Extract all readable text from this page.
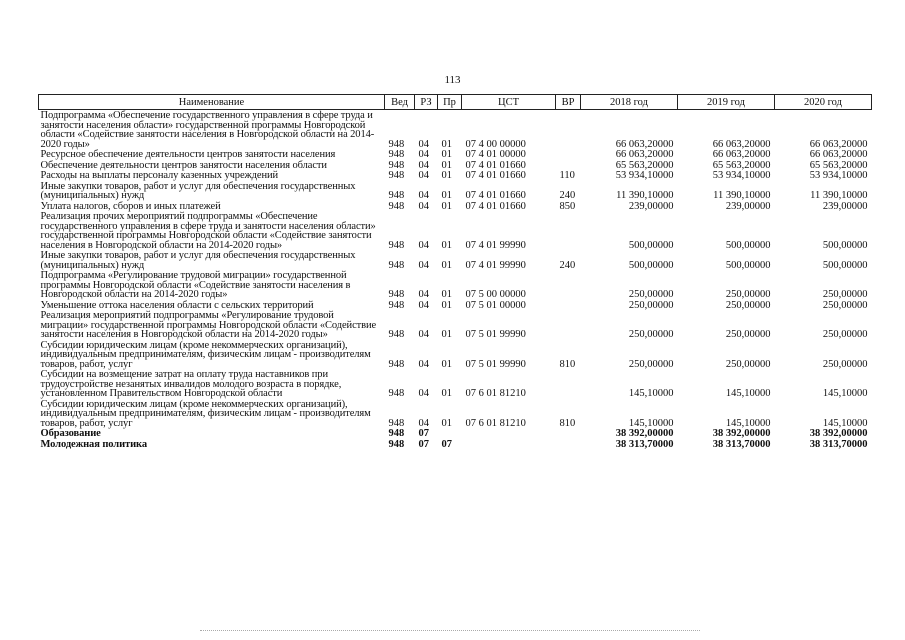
113
Наименование	Вед	РЗ	Пр	ЦСТ	ВР	2018 год	2019 год	2020 год
Подпрограмма «Обеспечение государственного управления в сфере труда и занятости населения области» государственной программы Новгородской области «Содействие занятости населения в Новгородской области на 2014-2020 годы»	948	04	01	07 4 00 00000		66 063,20000	66 063,20000	66 063,20000
Ресурсное обеспечение деятельности центров занятости населения	948	04	01	07 4 01 00000		66 063,20000	66 063,20000	66 063,20000
Обеспечение деятельности центров занятости населения области	948	04	01	07 4 01 01660		65 563,20000	65 563,20000	65 563,20000
Расходы на выплаты персоналу казенных учреждений	948	04	01	07 4 01 01660	110	53 934,10000	53 934,10000	53 934,10000
Иные закупки товаров, работ и услуг для обеспечения государственных (муниципальных) нужд	948	04	01	07 4 01 01660	240	11 390,10000	11 390,10000	11 390,10000
Уплата налогов, сборов и иных платежей	948	04	01	07 4 01 01660	850	239,00000	239,00000	239,00000
Реализация прочих мероприятий подпрограммы «Обеспечение государственного управления в сфере труда и занятости населения области» государственной программы Новгородской области «Содействие занятости населения в Новгородской области на 2014-2020 годы»	948	04	01	07 4 01 99990		500,00000	500,00000	500,00000
Иные закупки товаров, работ и услуг для обеспечения государственных (муниципальных) нужд	948	04	01	07 4 01 99990	240	500,00000	500,00000	500,00000
Подпрограмма «Регулирование трудовой миграции» государственной программы Новгородской области «Содействие занятости населения в Новгородской области на 2014-2020 годы»	948	04	01	07 5 00 00000		250,00000	250,00000	250,00000
Уменьшение оттока населения области с сельских территорий	948	04	01	07 5 01 00000		250,00000	250,00000	250,00000
Реализация мероприятий подпрограммы «Регулирование трудовой миграции» государственной программы Новгородской области «Содействие занятости населения в Новгородской области на 2014-2020 годы»	948	04	01	07 5 01 99990		250,00000	250,00000	250,00000
Субсидии юридическим лицам (кроме некоммерческих организаций), индивидуальным предпринимателям, физическим лицам - производителям товаров, работ, услуг	948	04	01	07 5 01 99990	810	250,00000	250,00000	250,00000
Субсидии на возмещение затрат на оплату труда наставников при трудоустройстве незанятых инвалидов молодого возраста в порядке, установленном Правительством Новгородской области	948	04	01	07 6 01 81210		145,10000	145,10000	145,10000
Субсидии юридическим лицам (кроме некоммерческих организаций), индивидуальным предпринимателям, физическим лицам - производителям товаров, работ, услуг	948	04	01	07 6 01 81210	810	145,10000	145,10000	145,10000
Образование	948	07				38 392,00000	38 392,00000	38 392,00000
Молодежная политика	948	07	07			38 313,70000	38 313,70000	38 313,70000
